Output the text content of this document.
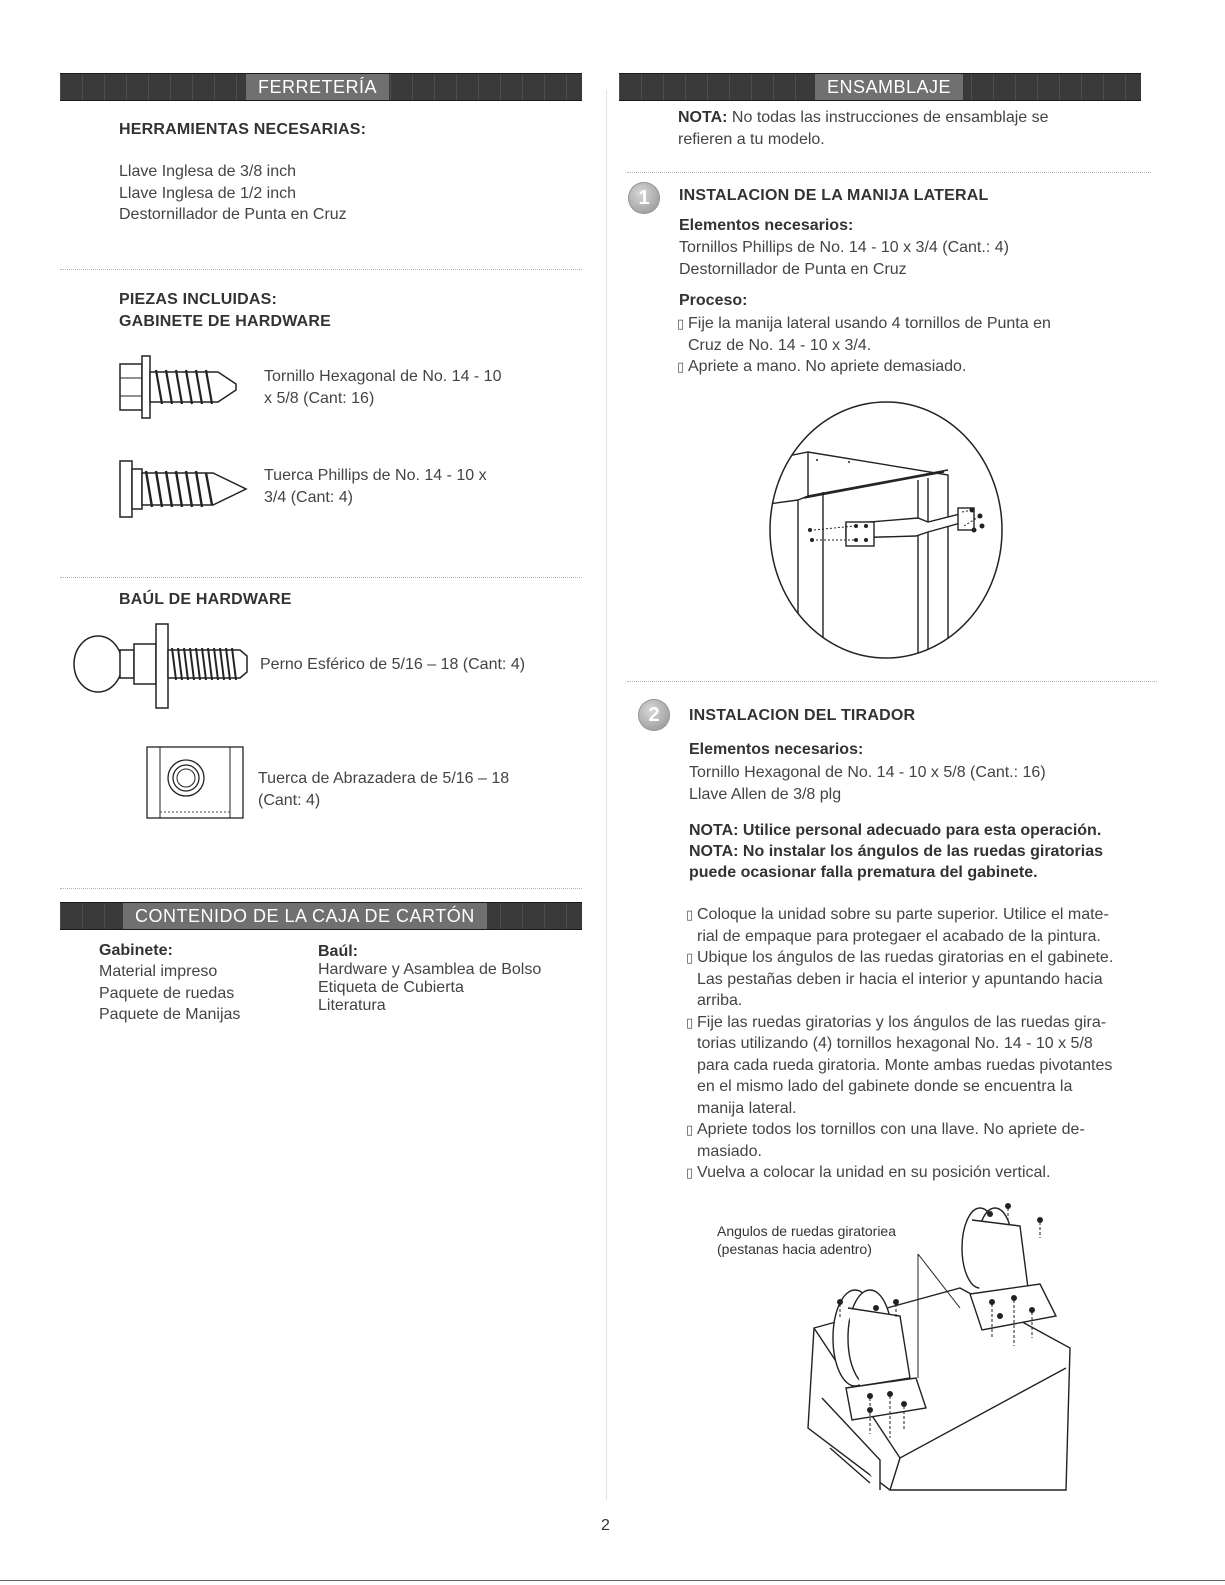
FERRETERÍA
HERRAMIENTAS NECESARIAS:
Llave Inglesa de 3/8 inch
Llave Inglesa de 1/2 inch
Destornillador de Punta en Cruz
PIEZAS INCLUIDAS:
GABINETE DE HARDWARE
Tornillo Hexagonal de No. 14 - 10
x 5/8 (Cant: 16)
Tuerca Phillips de No. 14 - 10 x
3/4 (Cant: 4)
BAÚL DE HARDWARE
Perno Esférico de 5/16 – 18 (Cant: 4)
Tuerca de Abrazadera de 5/16 – 18
(Cant: 4)
CONTENIDO DE LA CAJA DE CARTÓN
Gabinete:
Material impreso
Paquete de ruedas
Paquete de Manijas
Baúl:
Hardware y Asamblea de Bolso
Etiqueta de Cubierta
Literatura
ENSAMBLAJE
NOTA: No todas las instrucciones de ensamblaje se
refieren a tu modelo.
1	INSTALACION DE LA MANIJA LATERAL
Elementos necesarios:
Tornillos Phillips de No. 14 - 10 x 3/4 (Cant.: 4)
Destornillador de Punta en Cruz
Proceso:
▯ Fije la manija lateral usando 4 tornillos de Punta en
Cruz de No. 14 - 10 x 3/4.
▯ Apriete a mano. No apriete demasiado.
2	INSTALACION DEL TIRADOR
Elementos necesarios:
Tornillo Hexagonal de No. 14 - 10 x 5/8 (Cant.: 16)
Llave Allen de 3/8 plg
NOTA: Utilice personal adecuado para esta operación.
NOTA: No instalar los ángulos de las ruedas giratorias
puede ocasionar falla prematura del gabinete.
▯ Coloque la unidad sobre su parte superior. Utilice el mate-
rial de empaque para protegaer el acabado de la pintura.
▯ Ubique los ángulos de las ruedas giratorias en el gabinete.
Las pestañas deben ir hacia el interior y apuntando hacia
arriba.
▯ Fije las ruedas giratorias y los ángulos de las ruedas gira-
torias utilizando (4) tornillos hexagonal No. 14 - 10 x 5/8
para cada rueda giratoria. Monte ambas ruedas pivotantes
en el mismo lado del gabinete donde se encuentra la
manija lateral.
▯ Apriete todos los tornillos con una llave. No apriete de-
masiado.
▯ Vuelva a colocar la unidad en su posición vertical.
Angulos de ruedas giratoriea
(pestanas hacia adentro)
2
